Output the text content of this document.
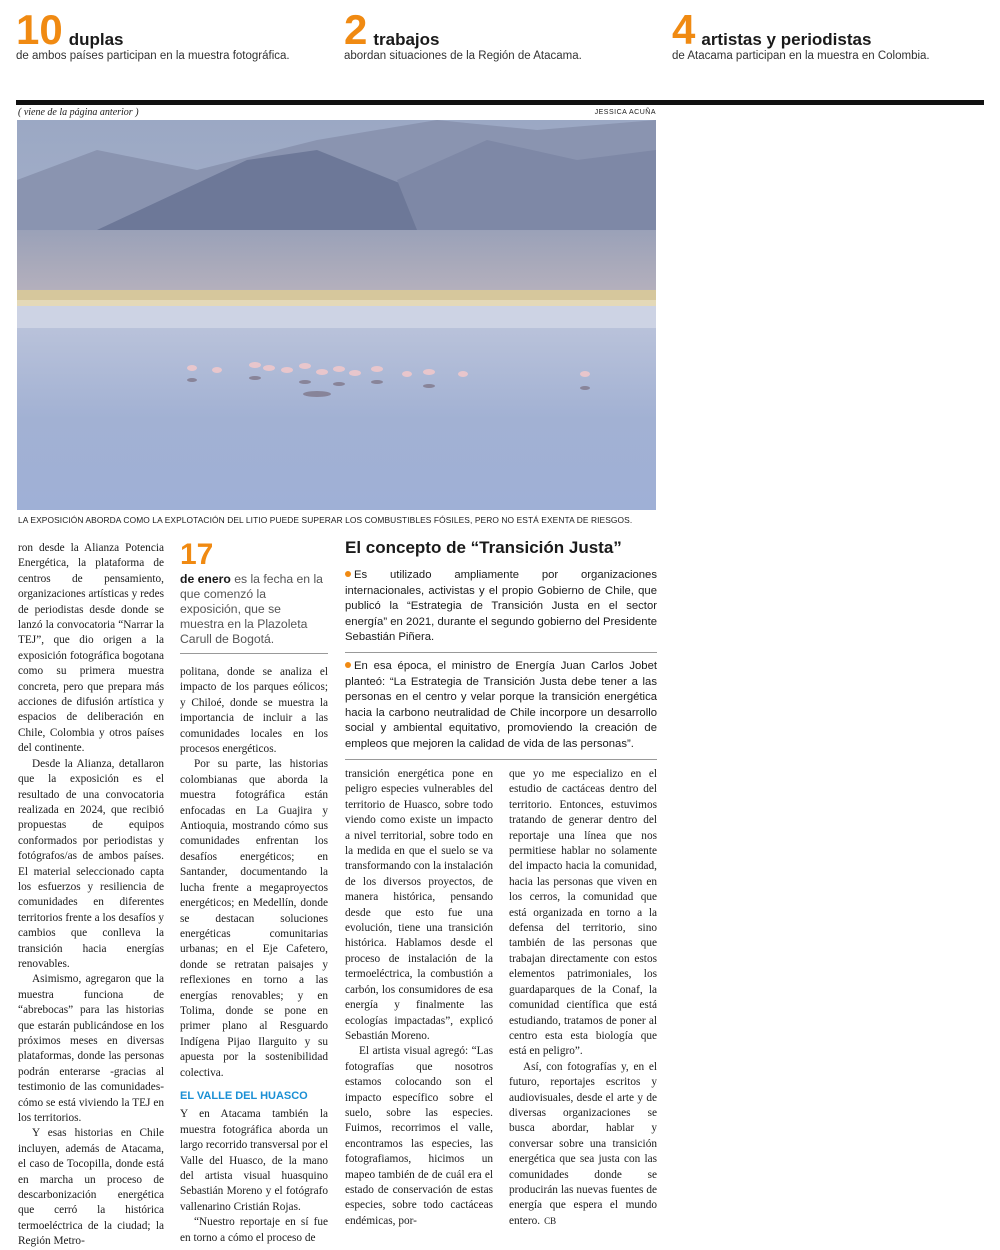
10 duplas
de ambos países participan en la muestra fotográfica.
2 trabajos
abordan situaciones de la Región de Atacama.
4 artistas y periodistas
de Atacama participan en la muestra en Colombia.
( viene de la página anterior )	JESSICA ACUÑA
LA EXPOSICIÓN ABORDA COMO LA EXPLOTACIÓN DEL LITIO PUEDE SUPERAR LOS COMBUSTIBLES FÓSILES, PERO NO ESTÁ EXENTA DE RIESGOS.

ron desde la Alianza Potencia Energética, la plataforma de centros de pensamiento, organizaciones artísticas y redes de periodistas desde donde se lanzó la convocatoria “Narrar la TEJ”, que dio origen a la exposición fotográfica bogotana como su primera muestra concreta, pero que prepara más acciones de difusión artística y espacios de deliberación en Chile, Colombia y otros países del continente.

Desde la Alianza, detallaron que la exposición es el resultado de una convocatoria realizada en 2024, que recibió propuestas de equipos conformados por periodistas y fotógrafos/as de ambos países. El material seleccionado capta los esfuerzos y resiliencia de comunidades en diferentes territorios frente a los desafíos y cambios que conlleva la transición hacia energías renovables.

Asimismo, agregaron que la muestra funciona de “abrebocas” para las historias que estarán publicándose en los próximos meses en diversas plataformas, donde las personas podrán enterarse -gracias al testimonio de las comunidades- cómo se está viviendo la TEJ en los territorios.

Y esas historias en Chile incluyen, además de Atacama, el caso de Tocopilla, donde está en marcha un proceso de descarbonización energética que cerró la histórica termoeléctrica de la ciudad; la Región Metro-

17
de enero es la fecha en la que comenzó la exposición, que se muestra en la Plazoleta Carull de Bogotá.

politana, donde se analiza el impacto de los parques eólicos; y Chiloé, donde se muestra la importancia de incluir a las comunidades locales en los procesos energéticos.

Por su parte, las historias colombianas que aborda la muestra fotográfica están enfocadas en La Guajira y Antioquia, mostrando cómo sus comunidades enfrentan los desafíos energéticos; en Santander, documentando la lucha frente a megaproyectos energéticos; en Medellín, donde se destacan soluciones energéticas comunitarias urbanas; en el Eje Cafetero, donde se retratan paisajes y reflexiones en torno a las energías renovables; y en Tolima, donde se pone en primer plano al Resguardo Indígena Pijao Ilarguito y su apuesta por la sostenibilidad colectiva.

EL VALLE DEL HUASCO

Y en Atacama también la muestra fotográfica aborda un largo recorrido transversal por el Valle del Huasco, de la mano del artista visual huasquino Sebastián Moreno y el fotógrafo vallenarino Cristián Rojas.

“Nuestro reportaje en sí fue en torno a cómo el proceso de

El concepto de “Transición Justa”
Es utilizado ampliamente por organizaciones internacionales, activistas y el propio Gobierno de Chile, que publicó la “Estrategia de Transición Justa en el sector energía” en 2021, durante el segundo gobierno del Presidente Sebastián Piñera.
En esa época, el ministro de Energía Juan Carlos Jobet planteó: “La Estrategia de Transición Justa debe tener a las personas en el centro y velar porque la transición energética hacia la carbono neutralidad de Chile incorpore un desarrollo social y ambiental equitativo, promoviendo la creación de empleos que mejoren la calidad de vida de las personas”.

transición energética pone en peligro especies vulnerables del territorio de Huasco, sobre todo viendo como existe un impacto a nivel territorial, sobre todo en la medida en que el suelo se va transformando con la instalación de los diversos proyectos, de manera histórica, pensando desde que esto fue una evolución, tiene una transición histórica. Hablamos desde el proceso de instalación de la termoeléctrica, la combustión a carbón, los consumidores de esa energía y finalmente las ecologías impactadas”, explicó Sebastián Moreno.

El artista visual agregó: “Las fotografías que nosotros estamos colocando son el impacto específico sobre el suelo, sobre las especies. Fuimos, recorrimos el valle, encontramos las especies, las fotografiamos, hicimos un mapeo también de de cuál era el estado de conservación de estas especies, sobre todo cactáceas endémicas, por-

que yo me especializo en el estudio de cactáceas dentro del territorio. Entonces, estuvimos tratando de generar dentro del reportaje una línea que nos permitiese hablar no solamente del impacto hacia la comunidad, hacia las personas que viven en los cerros, la comunidad que está organizada en torno a la defensa del territorio, sino también de las personas que trabajan directamente con estos elementos patrimoniales, los guardaparques de la Conaf, la comunidad científica que está estudiando, tratamos de poner al centro esta esta biología que está en peligro”.

Así, con fotografías y, en el futuro, reportajes escritos y audiovisuales, desde el arte y de diversas organizaciones se busca abordar, hablar y conversar sobre una transición energética que sea justa con las comunidades donde se producirán las nuevas fuentes de energía que espera el mundo entero. CB
